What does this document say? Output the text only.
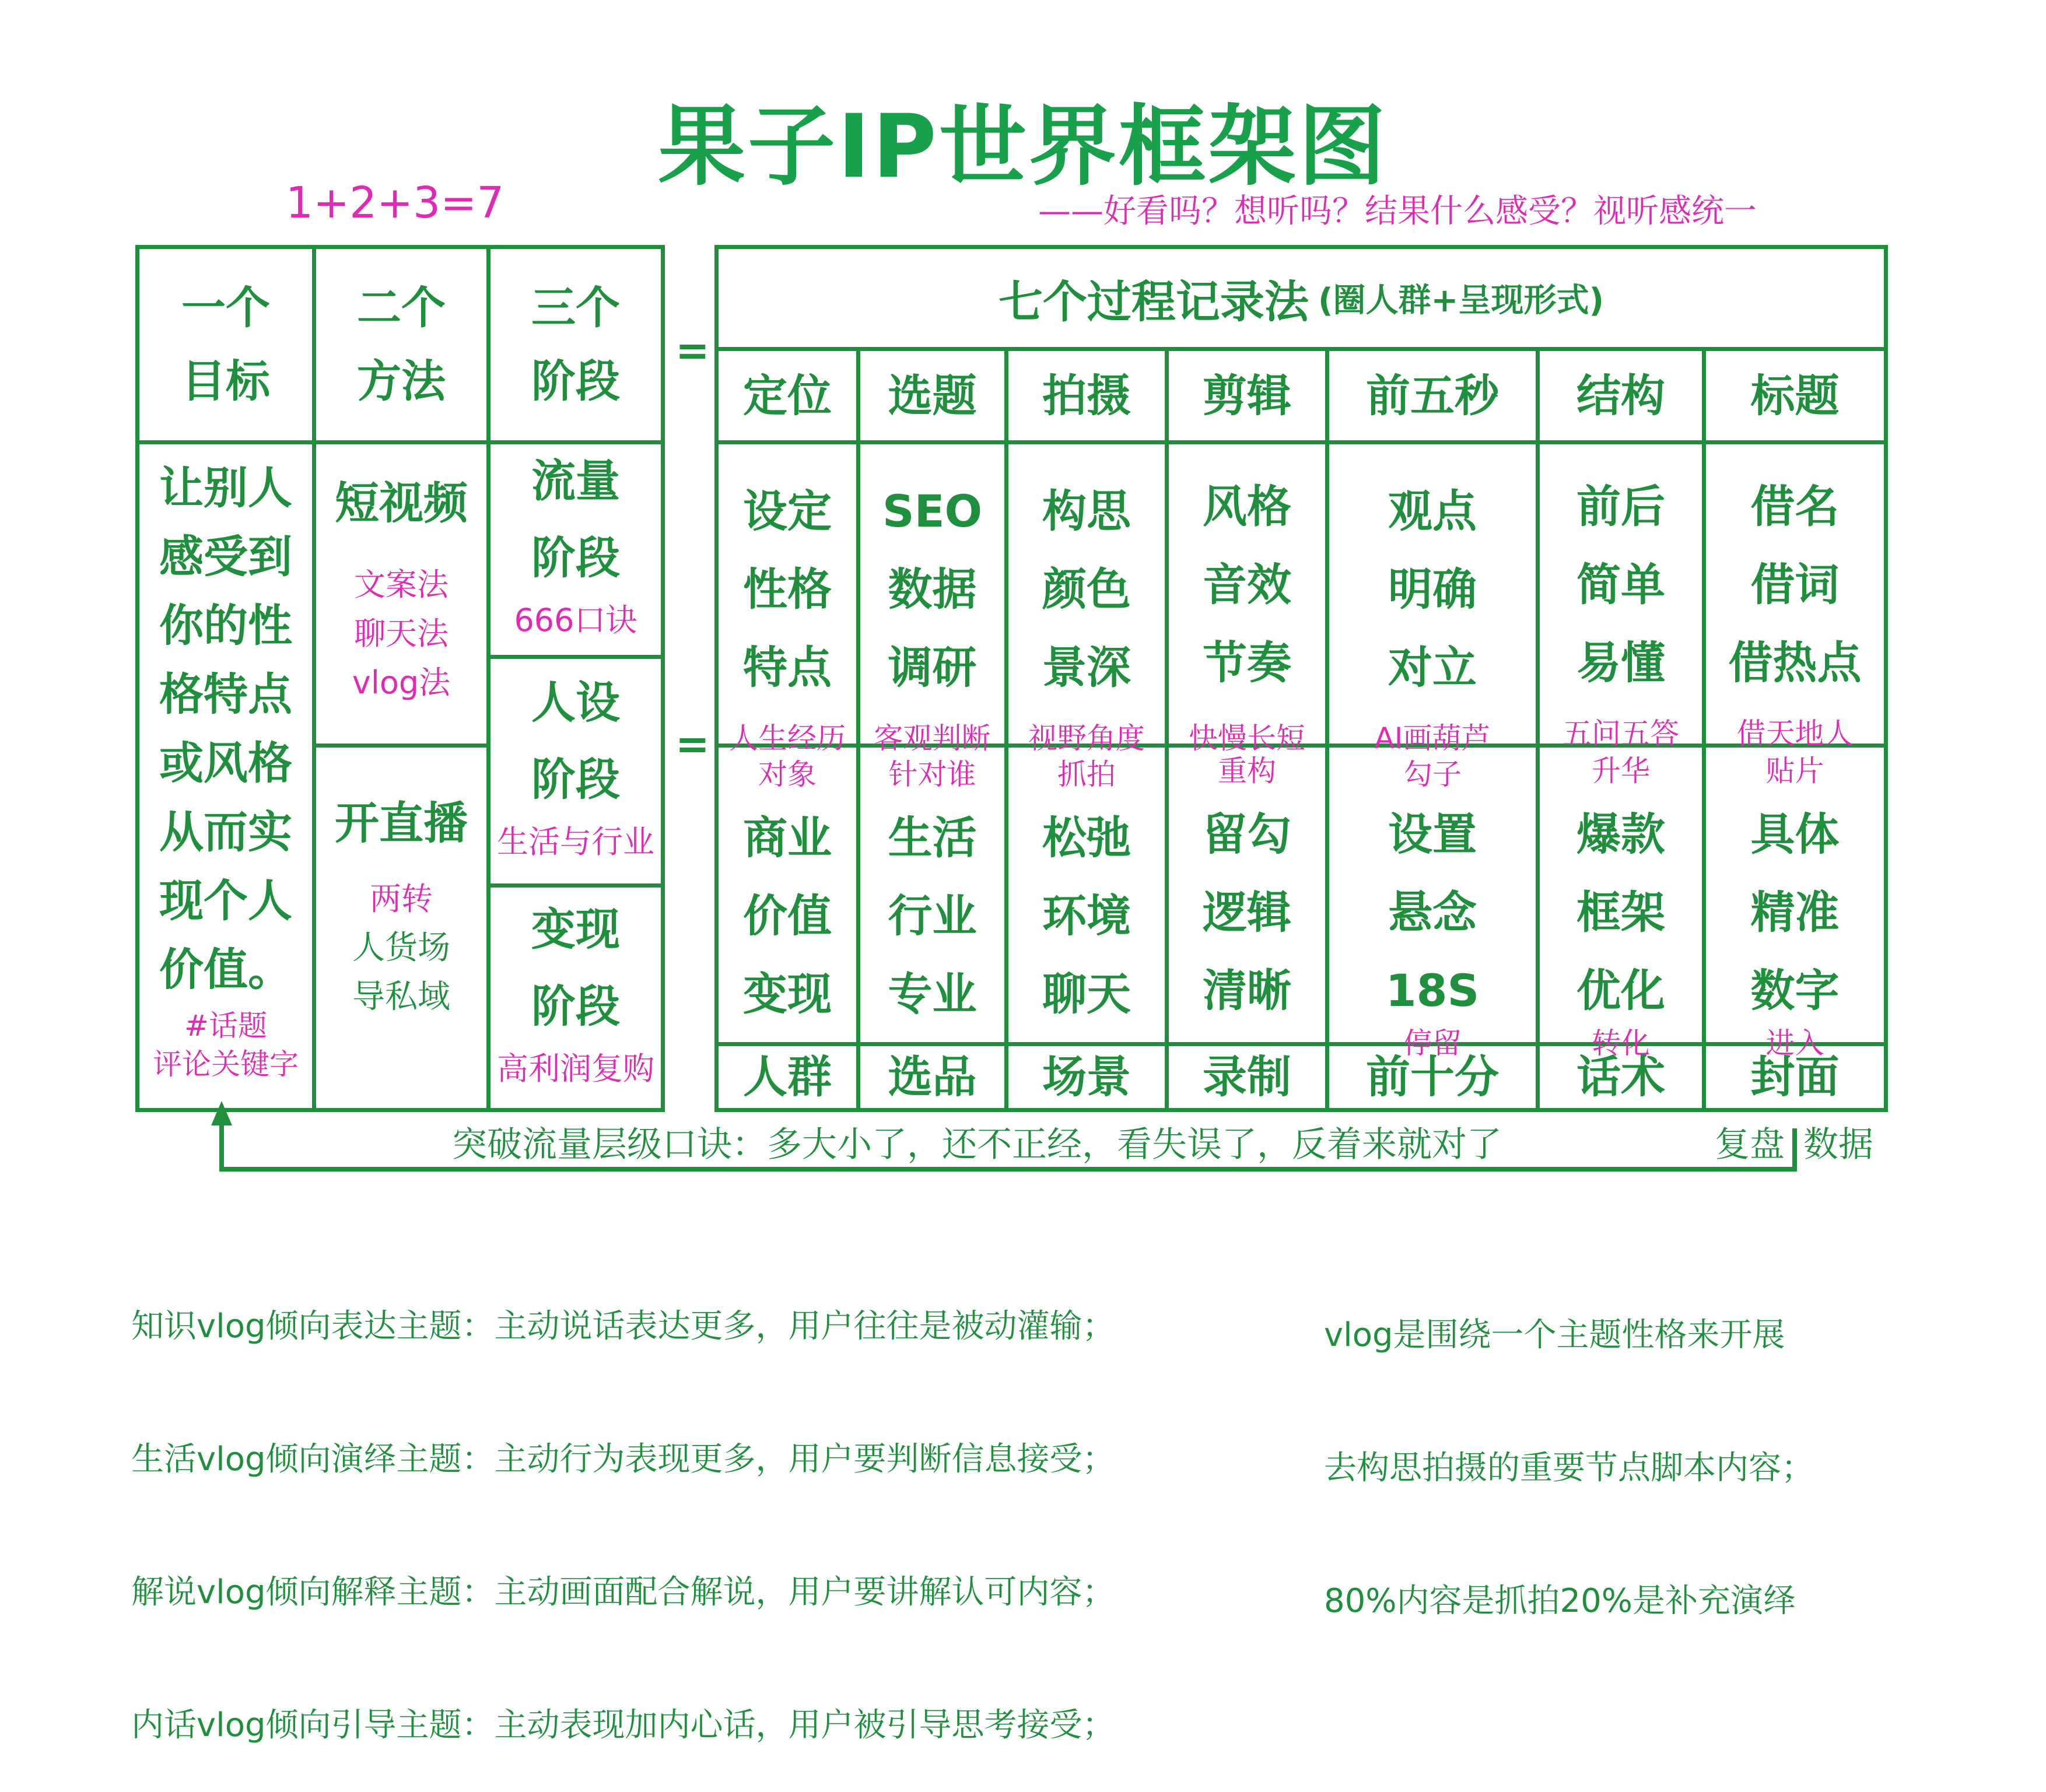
果子IP世界框架图
1+2+3=7	——好看吗？想听吗？结果什么感受？视听感统一
一个
目标
二个
方法
三个
阶段
让别人
感受到
你的性
格特点
或风格
从而实
现个人
价值。
#话题
评论关键字
短视频
文案法
聊天法
vlog法
开直播
两转
人货场
导私域
流量
阶段
666口诀
人设
阶段
生活与行业
变现
阶段
高利润复购
=
=
七个过程记录法 (圈人群+呈现形式)
定位
设定
性格
特点
人生经历
对象
商业
价值
变现
人群
选题
SEO
数据
调研
客观判断
针对谁
生活
行业
专业
选品
拍摄
构思
颜色
景深
视野角度
抓拍
松弛
环境
聊天
场景
剪辑
风格
音效
节奏
快慢长短
重构
留勾
逻辑
清晰
录制
前五秒
观点
明确
对立
AI画葫芦
勾子
设置
悬念
18S
停留
前十分
结构
前后
简单
易懂
五问五答
升华
爆款
框架
优化
转化
话术
标题
借名
借词
借热点
借天地人
贴片
具体
精准
数字
进入
封面
突破流量层级口诀：多大小了，还不正经，看失误了，反着来就对了	复盘 数据

知识vlog倾向表达主题：主动说话表达更多，用户往往是被动灌输；

生活vlog倾向演绎主题：主动行为表现更多，用户要判断信息接受；

解说vlog倾向解释主题：主动画面配合解说，用户要讲解认可内容；

内话vlog倾向引导主题：主动表现加内心话，用户被引导思考接受；

vlog是围绕一个主题性格来开展

去构思拍摄的重要节点脚本内容；

80%内容是抓拍20%是补充演绎
